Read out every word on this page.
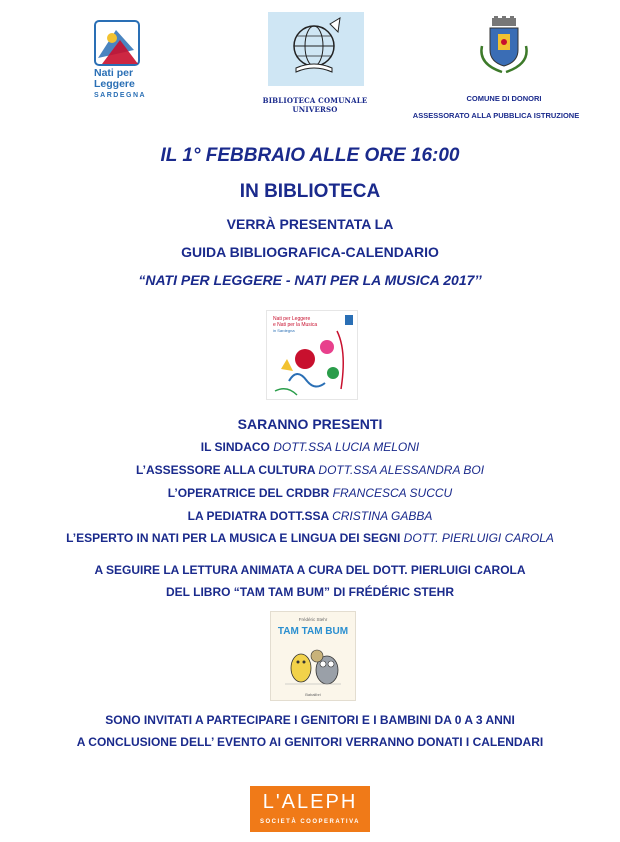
Nati per
Leggere
SARDEGNA
BIBLIOTECA COMUNALE UNIVERSO
COMUNE DI DONORI
ASSESSORATO ALLA PUBBLICA ISTRUZIONE
IL 1° FEBBRAIO ALLE ORE 16:00
IN BIBLIOTECA
VERRÀ PRESENTATA LA
GUIDA BIBLIOGRAFICA-CALENDARIO
“NATI PER LEGGERE - NATI PER LA MUSICA 2017’’
Nati per Leggere
e Nati per la Musica
in Sardegna
SARANNO PRESENTI
IL SINDACO DOTT.SSA LUCIA MELONI
L’ASSESSORE ALLA CULTURA DOTT.SSA ALESSANDRA BOI
L’OPERATRICE DEL CRDBR FRANCESCA SUCCU
LA PEDIATRA DOTT.SSA CRISTINA GABBA
L’ESPERTO IN NATI PER LA MUSICA E LINGUA DEI SEGNI DOTT. PIERLUIGI CAROLA
A SEGUIRE LA LETTURA ANIMATA A CURA DEL DOTT. PIERLUIGI CAROLA
DEL LIBRO “TAM TAM BUM” DI FRÉDÉRIC STEHR
Frédéric Stehr
TAM TAM BUM
Babalibri
SONO INVITATI A PARTECIPARE I GENITORI E I BAMBINI DA 0 A 3 ANNI
A CONCLUSIONE DELL’ EVENTO AI GENITORI VERRANNO DONATI I CALENDARI
L'ALEPH
SOCIETÀ COOPERATIVA
